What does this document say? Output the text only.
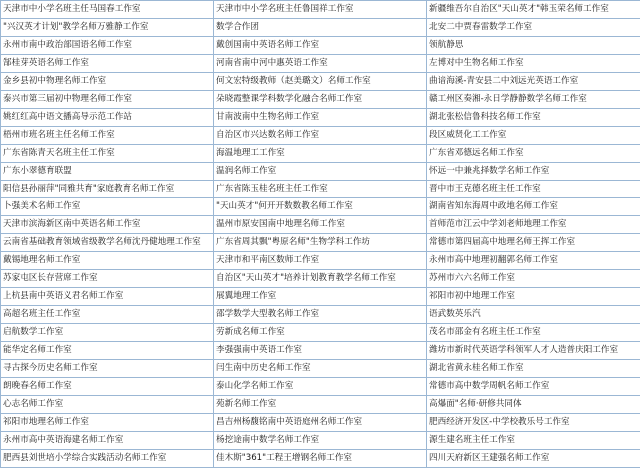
天津市中小学名班主任马国春工作室	天津市中小学名班主任鲁国祥工作室	新疆维吾尔自治区"天山英才"韩玉荣名师工作室
"兴汉英才计划"教学名师万雅静工作室	数学合作团	北安二中贾春雷数学工作室
永州市南中政治部国语名师工作室	戴创国南中英语名师工作室	领航静思
郜桂芽英语名师工作室	河南省南中河中惠英语工作室	左博对中生物名师工作室
金乡县初中物理名师工作室	何文宏特级教师（赵美璐文）名师工作室	曲谙海溪-青安县二中刘远光英语工作室
泰兴市第三届初中物理名师工作室	朵晓霞整课学科数学化融合名师工作室	赣工州区奏湘-永日学静静数学名师工作室
姚红红高中语文播高导示范工作站	甘南波南中生物名师工作室	湖北张松信鲁科技名师工作室
梧州市班名班主任名师工作室	自治区市兴达数名师工作室	段区威贤化工工作室
广东省陈青天名班主任工作室	海温地理工工作室	广东省邓德远名师工作室
广东小翠德育联盟	温润名师工作室	怀远一中兼兆择数学名师工作室
阳信县孙丽萍"同雅共育"家庭教育名师工作室	广东省陈玉桂名班主任工作室	晋中市王克德名班主任工作室
卜强美术名师工作室	"天山英才"何开开数数教名师工作室	湖南省知东海周中政地名师工作室
天津市滨海新区南中英语名师工作室	温州市原安国南中地理名师工作室	首师范市江云中学刘老师地理工作室
云南省基础教育领域省级教学名师沈丹健地理工作室	广东省周其飘"粤原名师"生物学科工作坊	常德市第四届高中地理名师王挥工作室
戴锡地理名师工作室	天津市和平南区数师工作室	永州市高中地理初翻郭名师工作室
苏家屯区长存营席工作室	自治区"天山英才"培养计划教育教学名师工作室	苏州市六六名师工作室
上杭县南中英语义君名师工作室	展翼地理工作室	祁阳市初中地理工作室
高超名班主任工作室	邵学数学大型教名师工作室	语武数英乐汽
启航数学工作室	劳新成名师工作室	茂名市邵金有名班主任工作室
能华定名师工作室	李强强南中英语工作室	潍坊市新时代英语学科领军人才人造普庆阳工作室
寻古探今历史名师工作室	闫生南中历史名师工作室	湖北省黄永桂名师工作室
朗晚春名师工作室	泰山化学名师工作室	常德市高中数学周帆名师工作室
心志名师工作室	苑新名师工作室	高爆面"名师·研修共同体
祁阳市地理名师工作室	昌吉州杨馥铭南中英语庭州名师工作室	肥西经济开发区-中学校教乐号工作室
永州市高中英语海建名师工作室	杨挖途南中数学名师工作室	源生建名班主任工作室
肥西县刘世培小学综合实践活动名师工作室	佳木斯"361"工程王增钢名师工作室	四川天府新区王建强名师工作室
